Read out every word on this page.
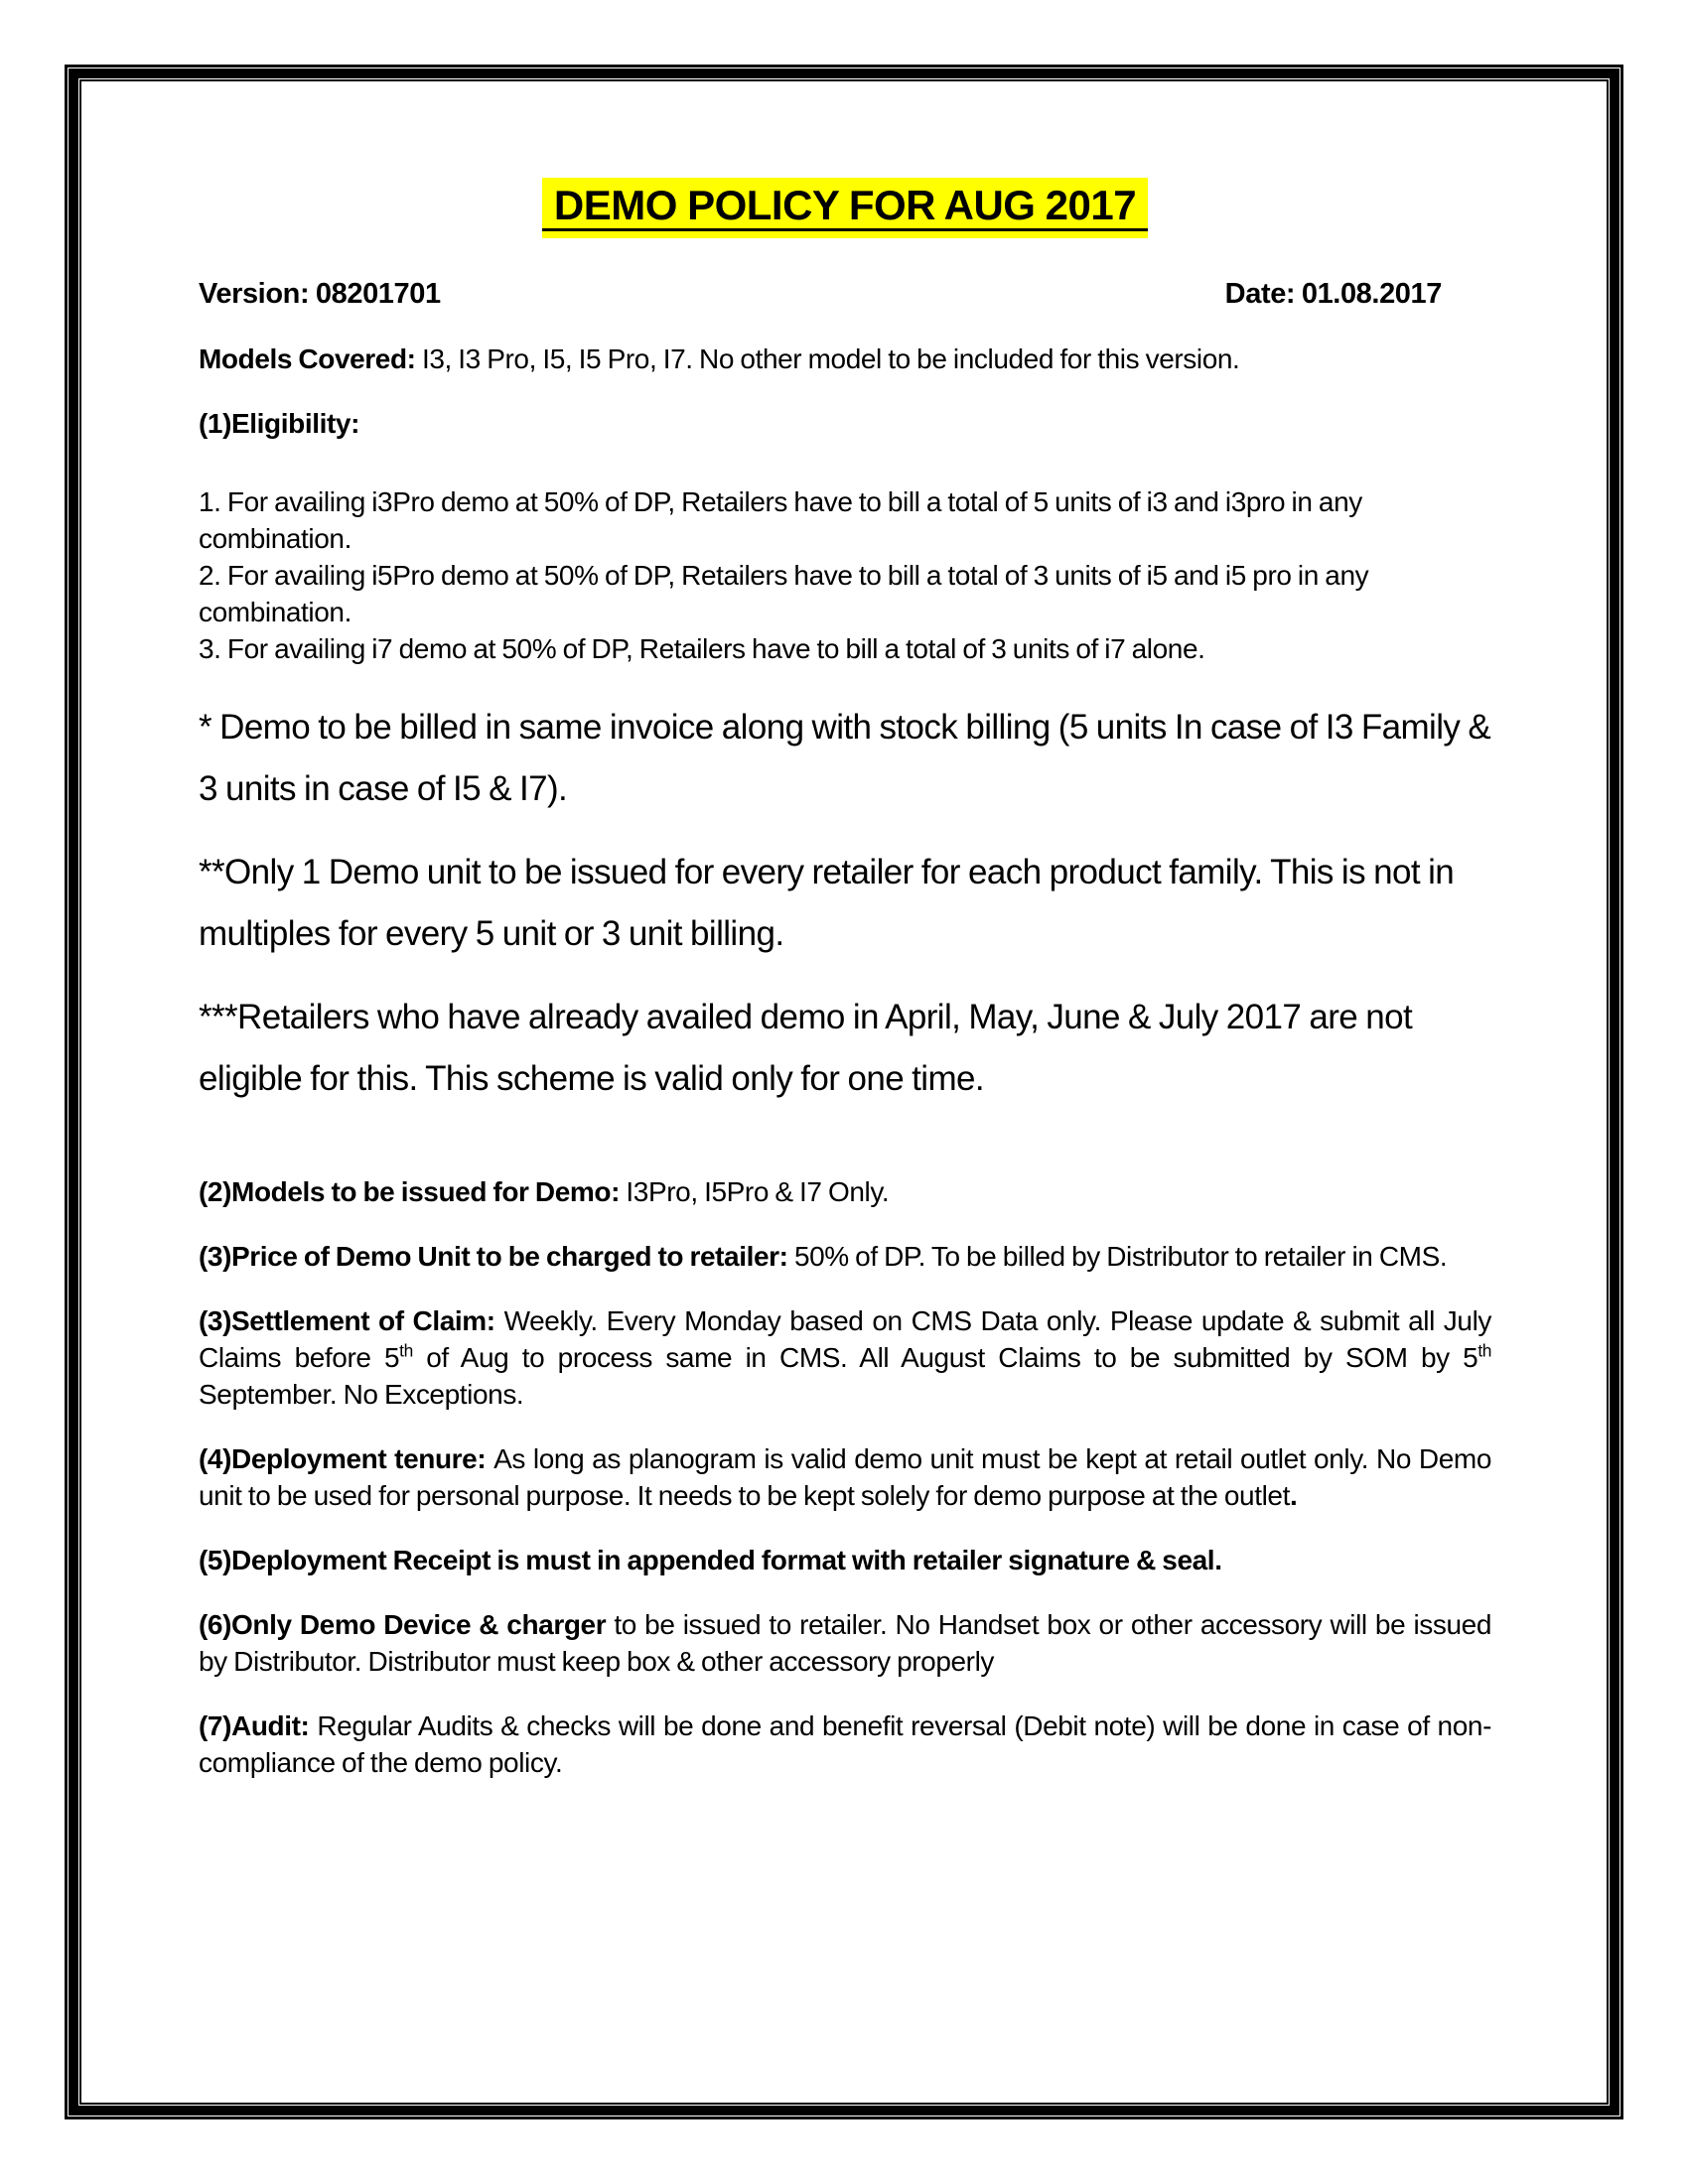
DEMO POLICY FOR AUG 2017
Version: 08201701	Date: 01.08.2017

Models Covered: I3, I3 Pro, I5, I5 Pro, I7. No other model to be included for this version.

(1)Eligibility:

1. For availing i3Pro demo at 50% of DP, Retailers have to bill a total of 5 units of i3 and i3pro in any combination.

2. For availing i5Pro demo at 50% of DP, Retailers have to bill a total of 3 units of i5 and i5 pro in any combination.

3. For availing i7 demo at 50% of DP, Retailers have to bill a total of 3 units of i7 alone.

* Demo to be billed in same invoice along with stock billing (5 units In case of I3 Family & 3 units in case of I5 & I7).

**Only 1 Demo unit to be issued for every retailer for each product family. This is not in multiples for every 5 unit or 3 unit billing.

***Retailers who have already availed demo in April, May, June & July 2017 are not eligible for this. This scheme is valid only for one time.

(2)Models to be issued for Demo: I3Pro, I5Pro & I7 Only.

(3)Price of Demo Unit to be charged to retailer: 50% of DP. To be billed by Distributor to retailer in CMS.

(3)Settlement of Claim: Weekly. Every Monday based on CMS Data only. Please update & submit all July Claims before 5th of Aug to process same in CMS. All August Claims to be submitted by SOM by 5th September. No Exceptions.

(4)Deployment tenure: As long as planogram is valid demo unit must be kept at retail outlet only. No Demo unit to be used for personal purpose. It needs to be kept solely for demo purpose at the outlet.

(5)Deployment Receipt is must in appended format with retailer signature & seal.

(6)Only Demo Device & charger to be issued to retailer. No Handset box or other accessory will be issued by Distributor. Distributor must keep box & other accessory properly

(7)Audit: Regular Audits & checks will be done and benefit reversal (Debit note) will be done in case of non-compliance of the demo policy.
